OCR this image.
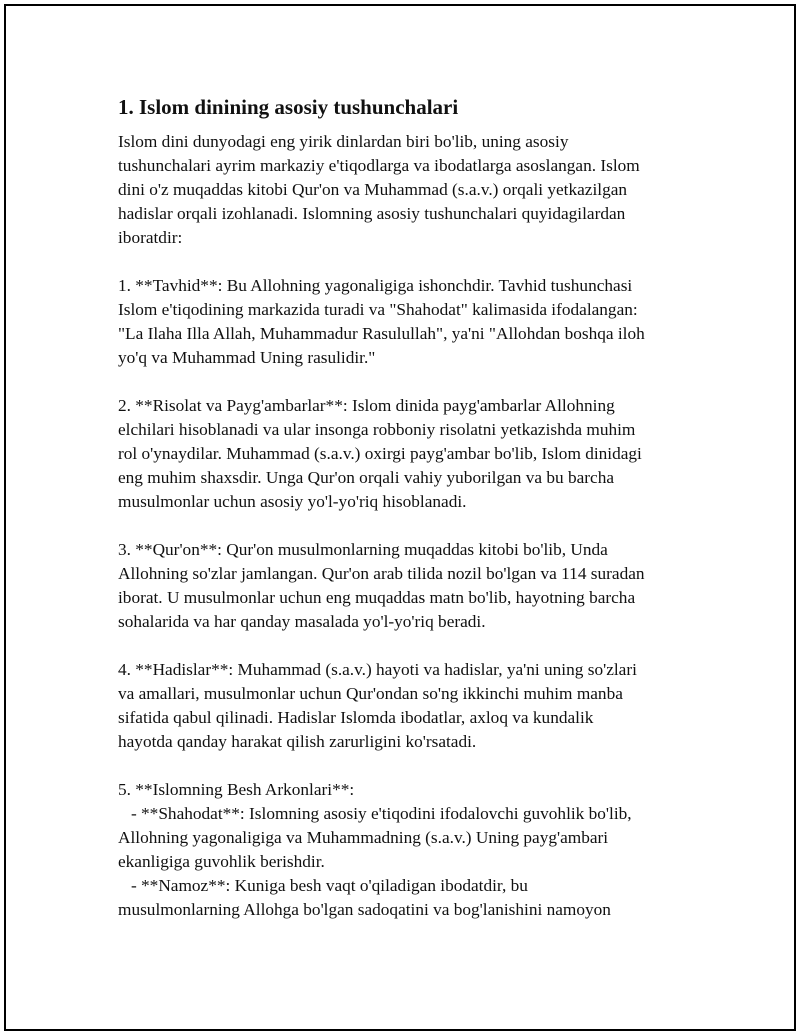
1. Islom dinining asosiy tushunchalari

Islom dini dunyodagi eng yirik dinlardan biri bo'lib, uning asosiy
tushunchalari ayrim markaziy e'tiqodlarga va ibodatlarga asoslangan. Islom
dini o'z muqaddas kitobi Qur'on va Muhammad (s.a.v.) orqali yetkazilgan
hadislar orqali izohlanadi. Islomning asosiy tushunchalari quyidagilardan
iboratdir:

1. **Tavhid**: Bu Allohning yagonaligiga ishonchdir. Tavhid tushunchasi
Islom e'tiqodining markazida turadi va "Shahodat" kalimasida ifodalangan:
"La Ilaha Illa Allah, Muhammadur Rasulullah", ya'ni "Allohdan boshqa iloh
yo'q va Muhammad Uning rasulidir."

2. **Risolat va Payg'ambarlar**: Islom dinida payg'ambarlar Allohning
elchilari hisoblanadi va ular insonga robboniy risolatni yetkazishda muhim
rol o'ynaydilar. Muhammad (s.a.v.) oxirgi payg'ambar bo'lib, Islom dinidagi
eng muhim shaxsdir. Unga Qur'on orqali vahiy yuborilgan va bu barcha
musulmonlar uchun asosiy yo'l-yo'riq hisoblanadi.

3. **Qur'on**: Qur'on musulmonlarning muqaddas kitobi bo'lib, Unda
Allohning so'zlar jamlangan. Qur'on arab tilida nozil bo'lgan va 114 suradan
iborat. U musulmonlar uchun eng muqaddas matn bo'lib, hayotning barcha
sohalarida va har qanday masalada yo'l-yo'riq beradi.

4. **Hadislar**: Muhammad (s.a.v.) hayoti va hadislar, ya'ni uning so'zlari
va amallari, musulmonlar uchun Qur'ondan so'ng ikkinchi muhim manba
sifatida qabul qilinadi. Hadislar Islomda ibodatlar, axloq va kundalik
hayotda qanday harakat qilish zarurligini ko'rsatadi.

5. **Islomning Besh Arkonlari**:
- **Shahodat**: Islomning asosiy e'tiqodini ifodalovchi guvohlik bo'lib,
Allohning yagonaligiga va Muhammadning (s.a.v.) Uning payg'ambari
ekanligiga guvohlik berishdir.
- **Namoz**: Kuniga besh vaqt o'qiladigan ibodatdir, bu
musulmonlarning Allohga bo'lgan sadoqatini va bog'lanishini namoyon
